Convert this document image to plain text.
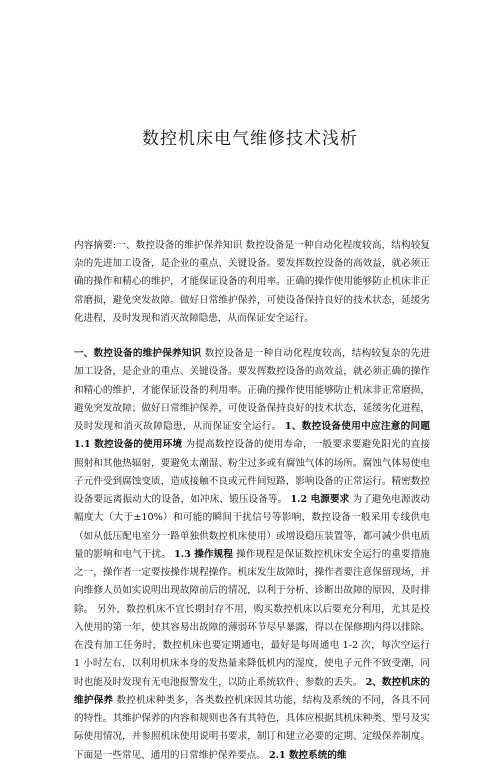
数控机床电气维修技术浅析

内容摘要:一、数控设备的维护保养知识 数控设备是一种自动化程度较高，结构较复杂的先进加工设备，是企业的重点、关键设备。要发挥数控设备的高效益，就必须正确的操作和精心的维护，才能保证设备的利用率。正确的操作使用能够防止机床非正常磨损，避免突发故障。做好日常维护保养，可使设备保持良好的技术状态，延缓劣化进程，及时发现和消灭故障隐患，从而保证安全运行。

一、数控设备的维护保养知识 数控设备是一种自动化程度较高，结构较复杂的先进加工设备，是企业的重点、关键设备。要发挥数控设备的高效益，就必须正确的操作和精心的维护，才能保证设备的利用率。正确的操作使用能够防止机床非正常磨损，避免突发故障；做好日常维护保养，可使设备保持良好的技术状态，延缓劣化进程，及时发现和消灭故障隐患，从而保证安全运行。 1、数控设备使用中应注意的问题 1.1 数控设备的使用环境 为提高数控设备的使用寿命，一般要求要避免阳光的直接照射和其他热辐射，要避免太潮湿、粉尘过多或有腐蚀气体的场所。腐蚀气体易使电子元件受到腐蚀变质，造成接触不良或元件间短路，影响设备的正常运行。精密数控设备要远离振动大的设备，如冲床、锻压设备等。 1.2 电源要求 为了避免电源波动幅度大（大于±10%）和可能的瞬间干扰信号等影响，数控设备一般采用专线供电（如从低压配电室分一路单独供数控机床使用）或增设稳压装置等，都可减少供电质量的影响和电气干扰。 1.3 操作规程 操作规程是保证数控机床安全运行的重要措施之一，操作者一定要按操作规程操作。机床发生故障时，操作者要注意保留现场，并向维修人员如实说明出现故障前后的情况，以利于分析、诊断出故障的原因，及时排除。 另外，数控机床不宜长期封存不用，购买数控机床以后要充分利用，尤其是投入使用的第一年，使其容易出故障的薄弱环节尽早暴露，得以在保修期内得以排除。在没有加工任务时，数控机床也要定期通电，最好是每周通电 1-2 次，每次空运行 1 小时左右，以利用机床本身的发热量来降低机内的湿度，使电子元件不致受潮，同时也能及时发现有无电池报警发生，以防止系统软件、参数的丢失。 2、数控机床的维护保养 数控机床种类多，各类数控机床因其功能，结构及系统的不同，各具不同的特性。其维护保养的内容和规则也各有其特色，具体应根据其机床种类、型号及实际使用情况，并参照机床使用说明书要求，制订和建立必要的定期、定级保养制度。下面是一些常见、通用的日常维护保养要点。 2.1 数控系统的维
